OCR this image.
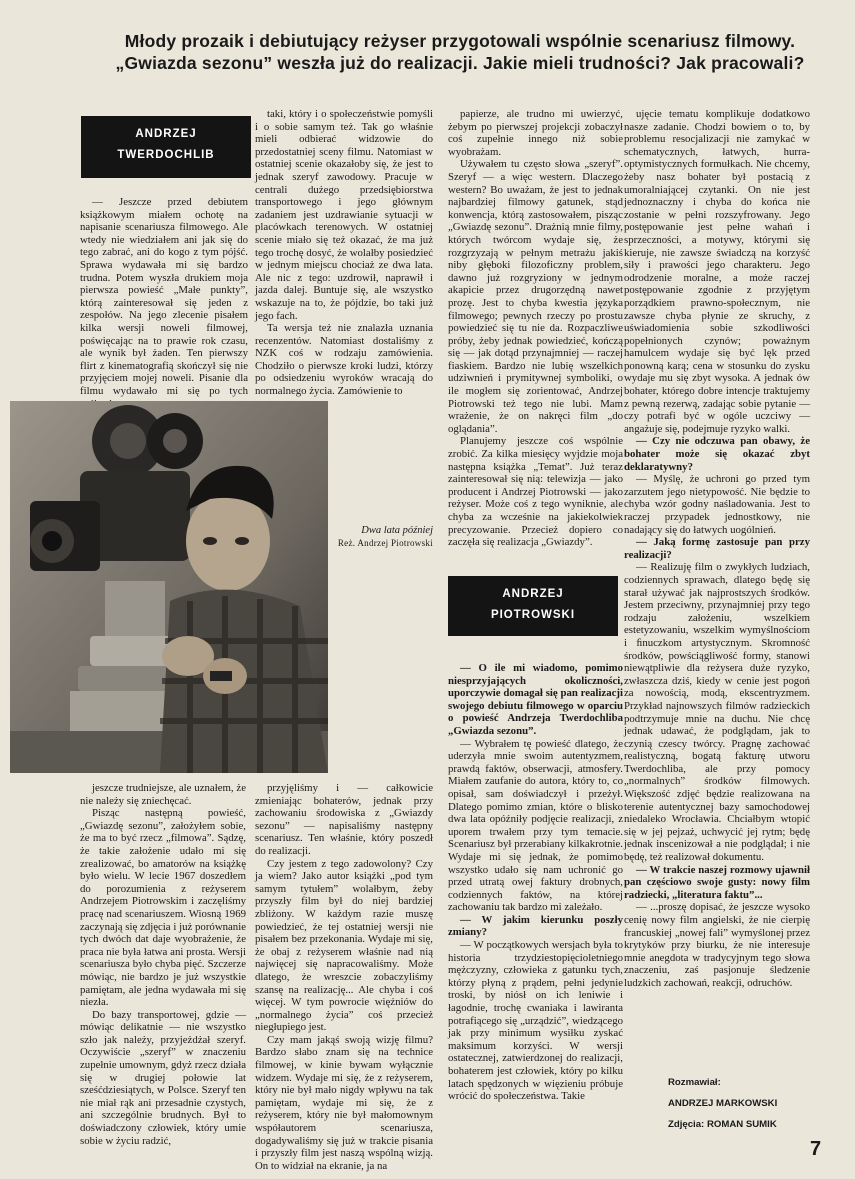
Młody prozaik i debiutujący reżyser przygotowali wspólnie scenariusz filmowy.
„Gwiazda sezonu” weszła już do realizacji. Jakie mieli trudności? Jak pracowali?
ANDRZEJ
TWERDOCHLIB
ANDRZEJ
PIOTROWSKI

— Jeszcze przed debiutem książkowym miałem ochotę na napisanie scenariusza filmowego. Ale wtedy nie wiedziałem ani jak się do tego zabrać, ani do kogo z tym pójść. Sprawa wydawała mi się bardzo trudna. Potem wyszła drukiem moja pierwsza powieść „Małe punkty”, którą zainteresował się jeden z zespołów. Na jego zlecenie pisałem kilka wersji noweli filmowej, poświęcając na to prawie rok czasu, ale wynik był żaden. Ten pierwszy flirt z kinematografią skończył się nie przyjęciem mojej noweli. Pisanie dla filmu wydawało mi się po tych

taki, który i o społeczeństwie pomyśli i o sobie samym też. Tak go właśnie mieli odbierać widzowie do przedostatniej sceny filmu. Natomiast w ostatniej scenie okazałoby się, że jest to jednak szeryf zawodowy. Pracuje w centrali dużego przedsiębiorstwa transportowego i jego głównym zadaniem jest uzdrawianie sytuacji w placówkach terenowych. W ostatniej scenie miało się też okazać, że ma już tego trochę dosyć, że wolałby posiedzieć w jednym miejscu chociaż ze dwa lata. Ale nic z tego: uzdrowił, naprawił i jazda dalej. Buntuje się, ale wszystko wskazuje na to, że pójdzie, bo taki już jego fach.

Ta wersja też nie znalazła uznania recenzentów. Natomiast dostaliśmy z NZK coś w rodzaju zamówienia. Chodziło o pierwsze kroki ludzi, którzy po odsiedzeniu wyroków wracają do normalnego życia. Zamówienie to

papierze, ale trudno mi uwierzyć, żebym po pierwszej projekcji zobaczył coś zupełnie innego niż sobie wyobrażam.

Używałem tu często słowa „szeryf”. Szeryf — a więc western. Dlaczego western? Bo uważam, że jest to jednak najbardziej filmowy gatunek, stąd konwencja, którą zastosowałem, pisząc „Gwiazdę sezonu”. Drażnią mnie filmy, których twórcom wydaje się, że rozgrzyzają w pełnym metrażu jakiś niby głęboki filozoficzny problem, dawno już rozgryziony w jednym akapicie przez drugorzędną nawet prozę. Jest to chyba kwestia języka filmowego; pewnych rzeczy po prostu powiedzieć się tu nie da. Rozpaczliwe próby, żeby jednak powiedzieć, kończą się — jak dotąd przynajmniej — raczej fiaskiem. Bardzo nie lubię wszelkich udziwnień i prymitywnej symboliki, o ile mogłem się zorientować, Andrzej Piotrowski też tego nie lubi. Mam wrażenie, że on nakręci film „do oglądania”.

Planujemy jeszcze coś wspólnie zrobić. Za kilka miesięcy wyjdzie moja następna książka „Temat”. Już teraz zainteresował się nią: telewizja — jako producent i Andrzej Piotrowski — jako reżyser. Może coś z tego wyniknie, ale chyba za wcześnie na jakiekolwiek precyzowanie. Przecież dopiero co zaczęła się realizacja „Gwiazdy”.

ujęcie tematu komplikuje dodatkowo nasze zadanie. Chodzi bowiem o to, by problemu resocjalizacji nie zamykać w schematycznych, łatwych, hurra-optymistycznych formułkach. Nie chcemy, żeby nasz bohater był postacią z umoralniającej czytanki. On nie jest jednoznaczny i chyba do końca nie zostanie w pełni rozszyfrowany. Jego postępowanie jest pełne wahań i sprzeczności, a motywy, którymi się kieruje, nie zawsze świadczą na korzyść siły i prawości jego charakteru. Jego odrodzenie moralne, a może raczej postępowanie zgodnie z przyjętym porządkiem prawno-społecznym, nie zawsze chyba płynie ze skruchy, z uświadomienia sobie szkodliwości popełnionych czynów; poważnym hamulcem wydaje się być lęk przed ponowną karą; cena w stosunku do zysku wydaje mu się zbyt wysoka. A jednak ów bohater, którego dobre intencje traktujemy z pewną rezerwą, zadając sobie pytanie — czy potrafi być w ogóle uczciwy — angażuje się, podejmuje ryzyko walki.

— Czy nie odczuwa pan obawy, że bohater może się okazać zbyt deklaratywny?

— Myślę, że uchroni go przed tym zarzutem jego nietypowość. Nie będzie to chyba wzór godny naśladowania. Jest to raczej przypadek jednostkowy, nie nadający się do łatwych uogólnień.

— Jaką formę zastosuje pan przy realizacji?

— Realizuję film o zwykłych ludziach, codziennych sprawach, dlatego będę się starał używać jak najprostszych środków. Jestem przeciwny, przynajmniej przy tego rodzaju założeniu, wszelkiem estetyzowaniu, wszelkim wymyślnościom i ﬁnuczkom artystycznym. Skromność środków, powściągliwość formy, stanowi niewątpliwie dla reżysera duże ryzyko, zwłaszcza dziś, kiedy w cenie jest pogoń za nowością, modą, ekscentryzmem. Przykład najnowszych filmów radzieckich podtrzymuje mnie na duchu. Nie chcę jednak udawać, że podglądam, jak to czynią czescy twórcy. Pragnę zachować realistyczną, bogatą fakturę utworu Twerdochliba, ale przy pomocy „normalnych” środków filmowych. Większość zdjęć będzie realizowana na terenie autentycznej bazy samochodowej niedaleko Wrocławia. Chciałbym wtopić się w jej pejzaż, uchwycić jej rytm; będę jednak inscenizował a nie podglądał; i nie będę, też realizował dokumentu.

— W trakcie naszej rozmowy ujawnił pan częściowo swoje gusty: nowy film radziecki, „literatura faktu”...

— ...proszę dopisać, że jeszcze wysoko cenię nowy film angielski, że nie cierpię francuskiej „nowej fali” wymyślonej przez krytyków przy biurku, że nie interesuje mnie anegdota w tradycyjnym tego słowa znaczeniu, zaś pasjonuje śledzenie ludzkich zachowań, reakcji, odruchów.

jeszcze trudniejsze, ale uznałem, że nie należy się zniechęcać.

Pisząc następną powieść, „Gwiazdę sezonu”, założyłem sobie, że ma to być rzecz „filmowa”. Sądzę, że takie założenie udało mi się zrealizować, bo amatorów na książkę było wielu. W lecie 1967 doszedłem do porozumienia z reżyserem Andrzejem Piotrowskim i zaczęliśmy pracę nad scenariuszem. Wiosną 1969 zaczynają się zdjęcia i już porównanie tych dwóch dat daje wyobrażenie, że praca nie była łatwa ani prosta. Wersji scenariusza było chyba pięć. Szczerze mówiąc, nie bardzo je już wszystkie pamiętam, ale jedna wydawała mi się niezła.

Do bazy transportowej, gdzie — mówiąc delikatnie — nie wszystko szło jak należy, przyjeżdżał szeryf. Oczywiście „szeryf” w znaczeniu zupełnie umownym, gdyż rzecz działa się w drugiej połowie lat sześćdziesiątych, w Polsce. Szeryf ten nie miał rąk ani przesadnie czystych, ani szczególnie brudnych. Był to doświadczony człowiek, który umie sobie w życiu radzić,

przyjęliśmy i — całkowicie zmieniając bohaterów, jednak przy zachowaniu środowiska z „Gwiazdy sezonu” — napisaliśmy następny scenariusz. Ten właśnie, który poszedł do realizacji.

Czy jestem z tego zadowolony? Czy ja wiem? Jako autor książki „pod tym samym tytułem” wolałbym, żeby przyszły film był do niej bardziej zbliżony. W każdym razie muszę powiedzieć, że tej ostatniej wersji nie pisałem bez przekonania. Wydaje mi się, że obaj z reżyserem właśnie nad nią najwięcej się napracowaliśmy. Może dlatego, że wreszcie zobaczyliśmy szansę na realizację... Ale chyba i coś więcej. W tym powrocie więźniów do „normalnego życia” coś przecież niegłupiego jest.

Czy mam jakąś swoją wizję filmu? Bardzo słabo znam się na technice filmowej, w kinie bywam wyłącznie widzem. Wydaje mi się, że z reżyserem, który nie był mało nigdy wpływu na tak pamiętam, wydaje mi się, że z reżyserem, który nie był małomownym współautorem scenariusza, dogadywaliśmy się już w trakcie pisania i przyszły film jest naszą wspólną wizją. On to widział na ekranie, ja na

— O ile mi wiadomo, pomimo niesprzyjających okoliczności, uporczywie domagał się pan realizacji swojego debiutu filmowego w oparciu o powieść Andrzeja Twerdochliba „Gwiazda sezonu”.

— Wybrałem tę powieść dlatego, że uderzyła mnie swoim autentyzmem, prawdą faktów, obserwacji, atmosfery. Miałem zaufanie do autora, który to, co opisał, sam doświadczył i przeżył. Dlatego pomimo zmian, które o blisko dwa lata opóźniły podjęcie realizacji, z uporem trwałem przy tym temacie. Scenariusz był przerabiany kilkakrotnie. Wydaje mi się jednak, że pomimo wszystko udało się nam uchronić go przed utratą owej faktury drobnych, codziennych faktów, na której zachowaniu tak bardzo mi zależało.

— W jakim kierunku poszły zmiany?

— W początkowych wersjach była to historia trzydziestopięcioletniego mężczyzny, człowieka z gatunku tych, którzy płyną z prądem, pełni jedynie troski, by niósł on ich leniwie i łagodnie, trochę cwaniaka i lawiranta potrafiącego się „urządzić”, wiedzącego jak przy minimum wysiłku zyskać maksimum korzyści. W wersji ostatecznej, zatwierdzonej do realizacji, bohaterem jest człowiek, który po kilku latach spędzonych w więzieniu próbuje wrócić do społeczeństwa. Takie

Dwa lata później
Reż. Andrzej Piotrowski
Rozmawiał:
ANDRZEJ MARKOWSKI
Zdjęcia: ROMAN SUMIK
7
